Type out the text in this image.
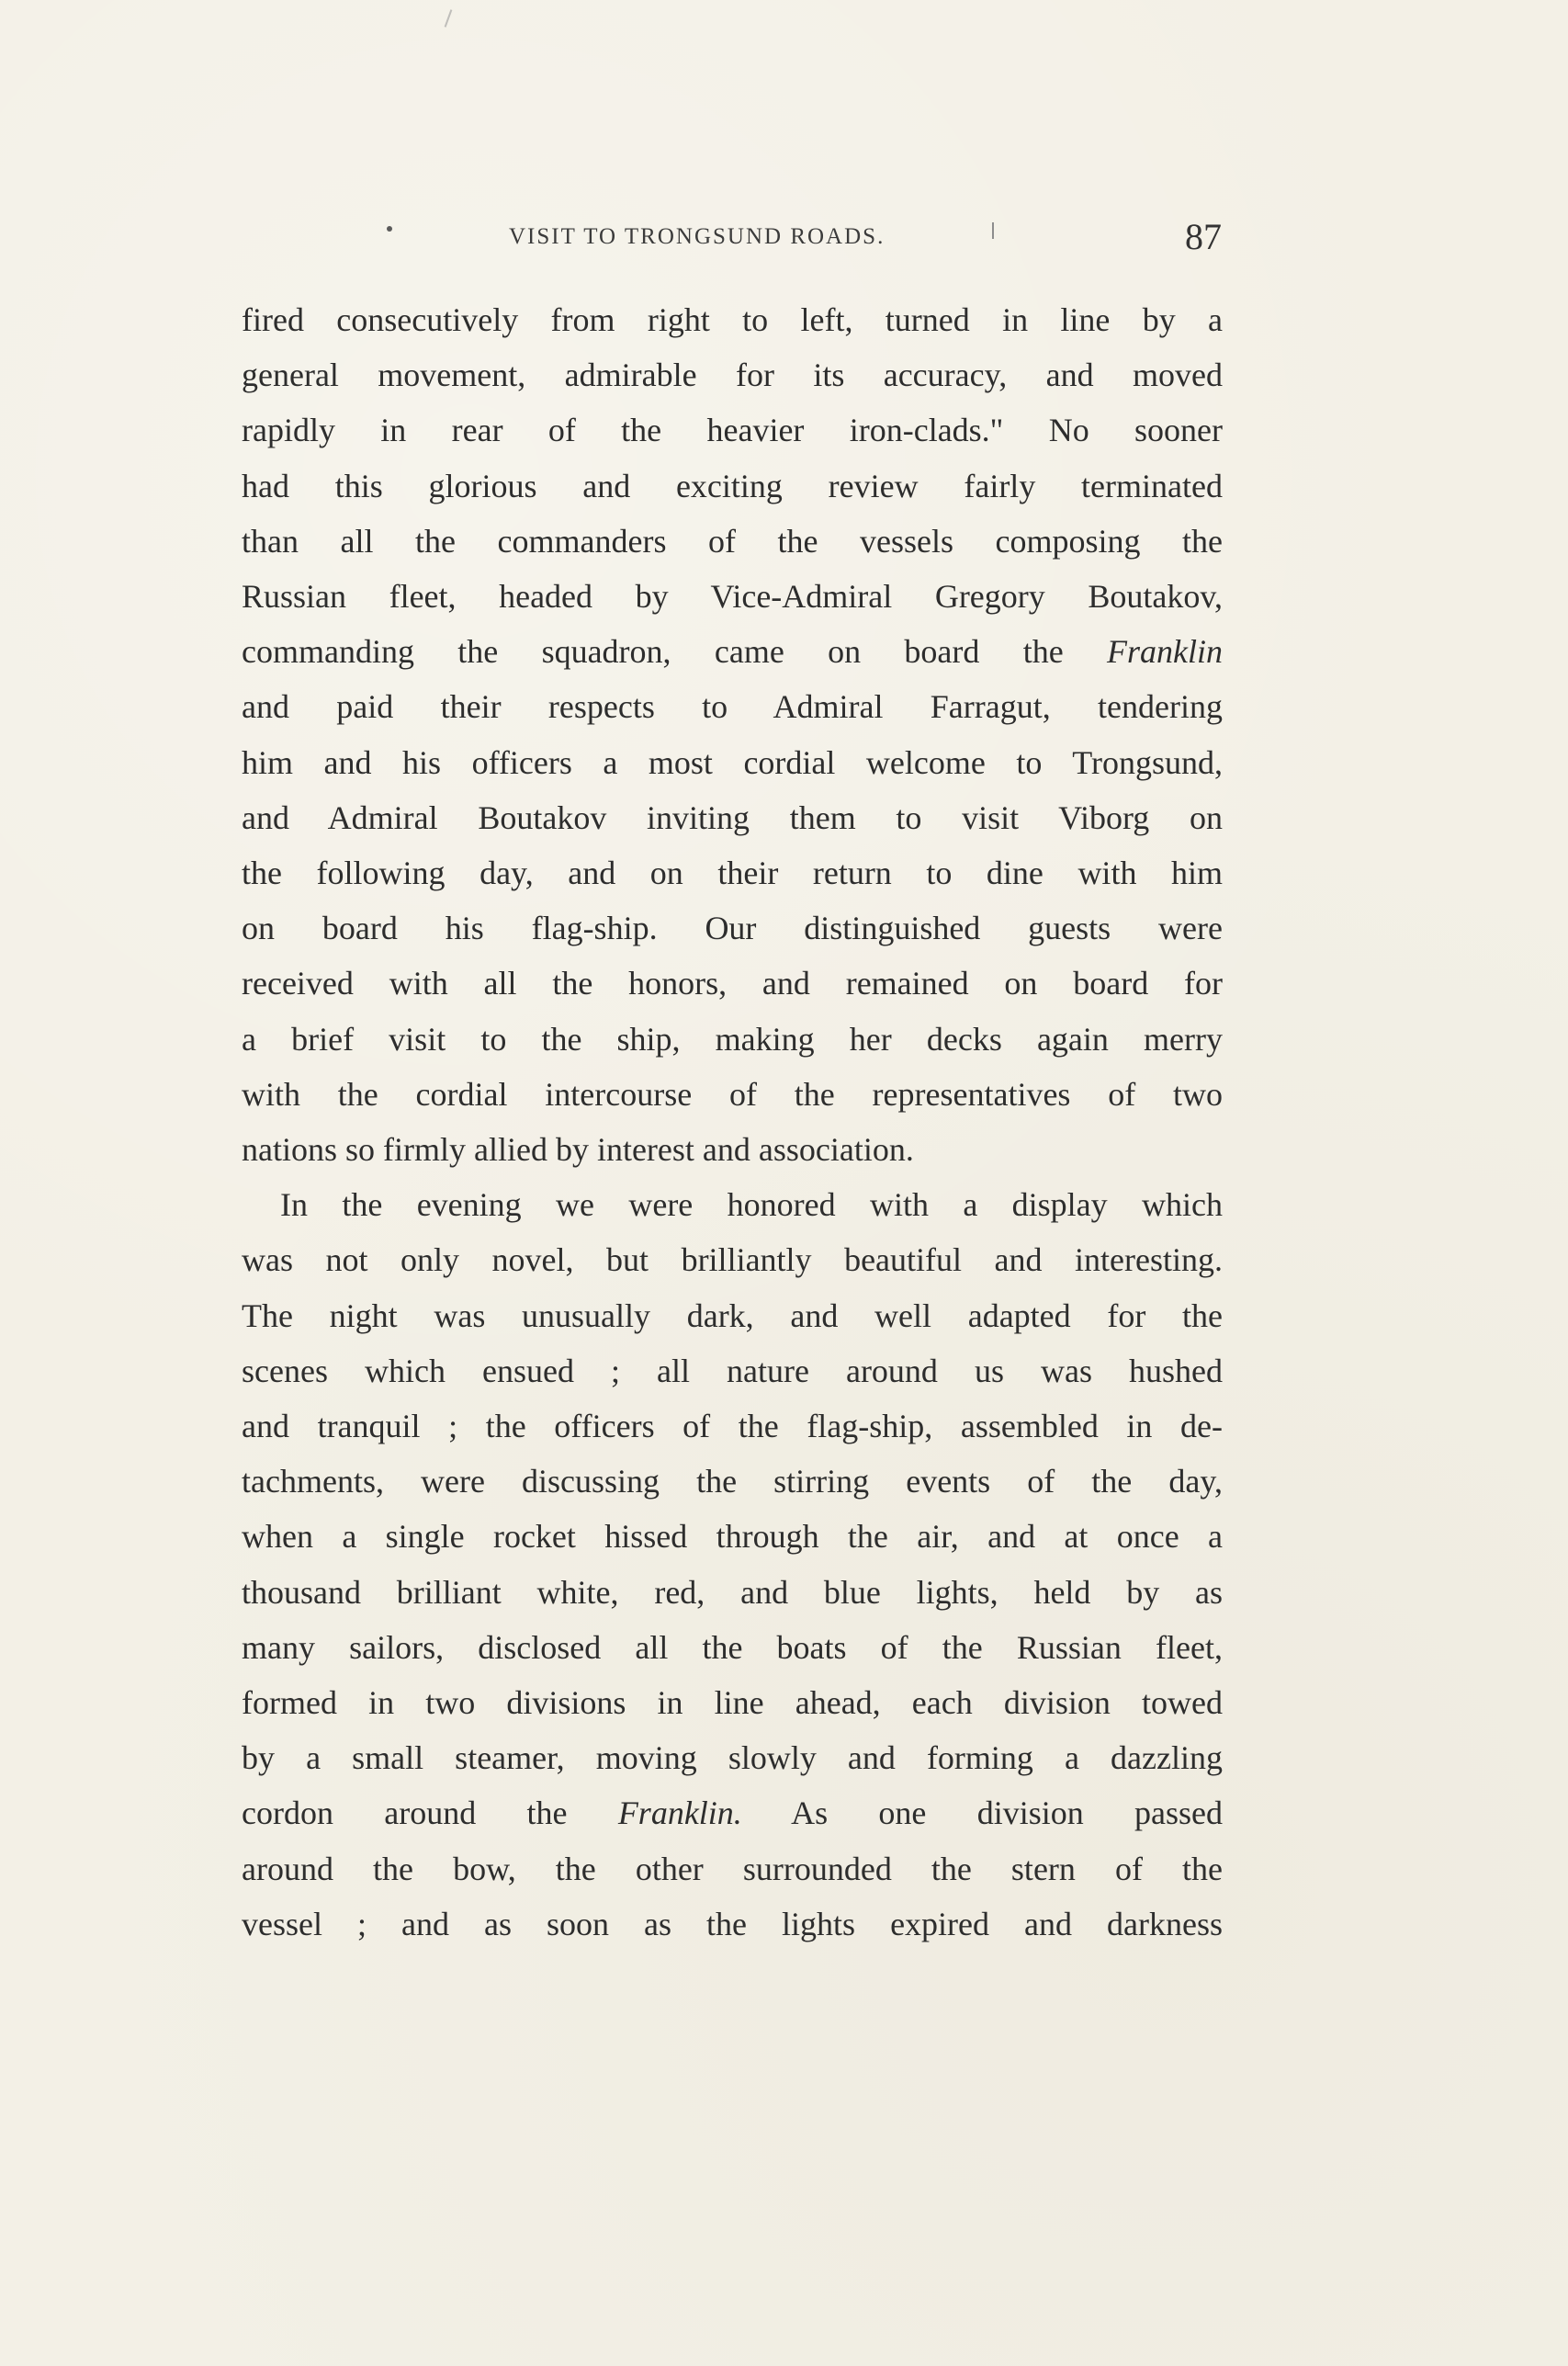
VISIT TO TRONGSUND ROADS.	87
fired consecutively from right to left, turned in line by a
general movement, admirable for its accuracy, and moved
rapidly in rear of the heavier iron-clads." No sooner
had this glorious and exciting review fairly terminated
than all the commanders of the vessels composing the
Russian fleet, headed by Vice-Admiral Gregory Boutakov,
commanding the squadron, came on board the Franklin
and paid their respects to Admiral Farragut, tendering
him and his officers a most cordial welcome to Trongsund,
and Admiral Boutakov inviting them to visit Viborg on
the following day, and on their return to dine with him
on board his flag-ship. Our distinguished guests were
received with all the honors, and remained on board for
a brief visit to the ship, making her decks again merry
with the cordial intercourse of the representatives of two
nations so firmly allied by interest and association.
In the evening we were honored with a display which
was not only novel, but brilliantly beautiful and interesting.
The night was unusually dark, and well adapted for the
scenes which ensued ; all nature around us was hushed
and tranquil ; the officers of the flag-ship, assembled in de-
tachments, were discussing the stirring events of the day,
when a single rocket hissed through the air, and at once a
thousand brilliant white, red, and blue lights, held by as
many sailors, disclosed all the boats of the Russian fleet,
formed in two divisions in line ahead, each division towed
by a small steamer, moving slowly and forming a dazzling
cordon around the Franklin. As one division passed
around the bow, the other surrounded the stern of the
vessel ; and as soon as the lights expired and darkness
